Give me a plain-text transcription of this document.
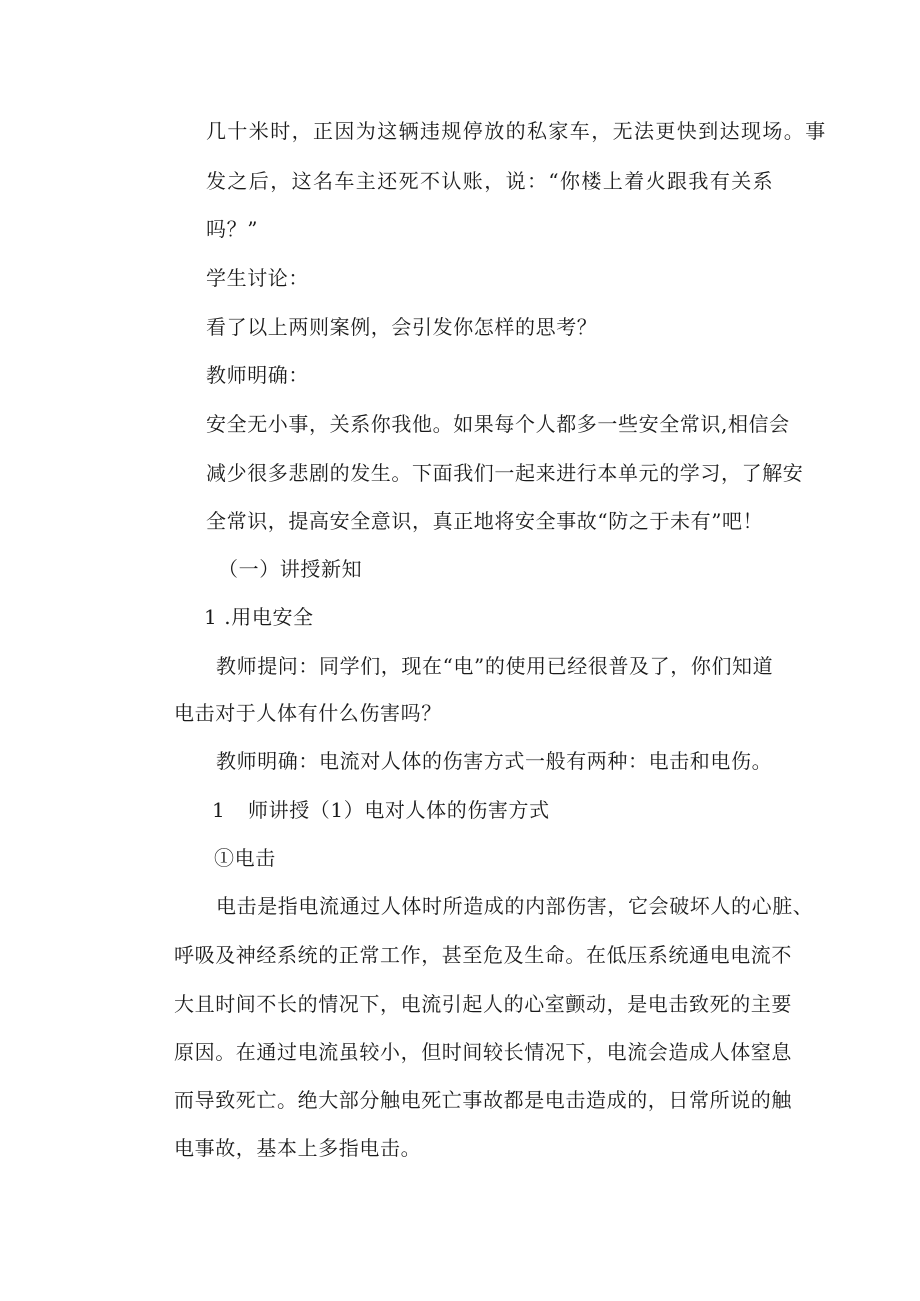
几十米时，正因为这辆违规停放的私家车，无法更快到达现场。事

发之后，这名车主还死不认账，说：“你楼上着火跟我有关系

吗？”

学生讨论：

看了以上两则案例，会引发你怎样的思考？

教师明确：

安全无小事，关系你我他。如果每个人都多一些安全常识,相信会

减少很多悲剧的发生。下面我们一起来进行本单元的学习，了解安

全常识，提高安全意识，真正地将安全事故“防之于未有”吧！

（一）讲授新知

1 .用电安全

教师提问：同学们，现在“电”的使用已经很普及了，你们知道

电击对于人体有什么伤害吗？

教师明确：电流对人体的伤害方式一般有两种：电击和电伤。

1 师讲授（1）电对人体的伤害方式

①电击

电击是指电流通过人体时所造成的内部伤害，它会破坏人的心脏、

呼吸及神经系统的正常工作，甚至危及生命。在低压系统通电电流不

大且时间不长的情况下，电流引起人的心室颤动，是电击致死的主要

原因。在通过电流虽较小，但时间较长情况下，电流会造成人体窒息

而导致死亡。绝大部分触电死亡事故都是电击造成的，日常所说的触

电事故，基本上多指电击。
